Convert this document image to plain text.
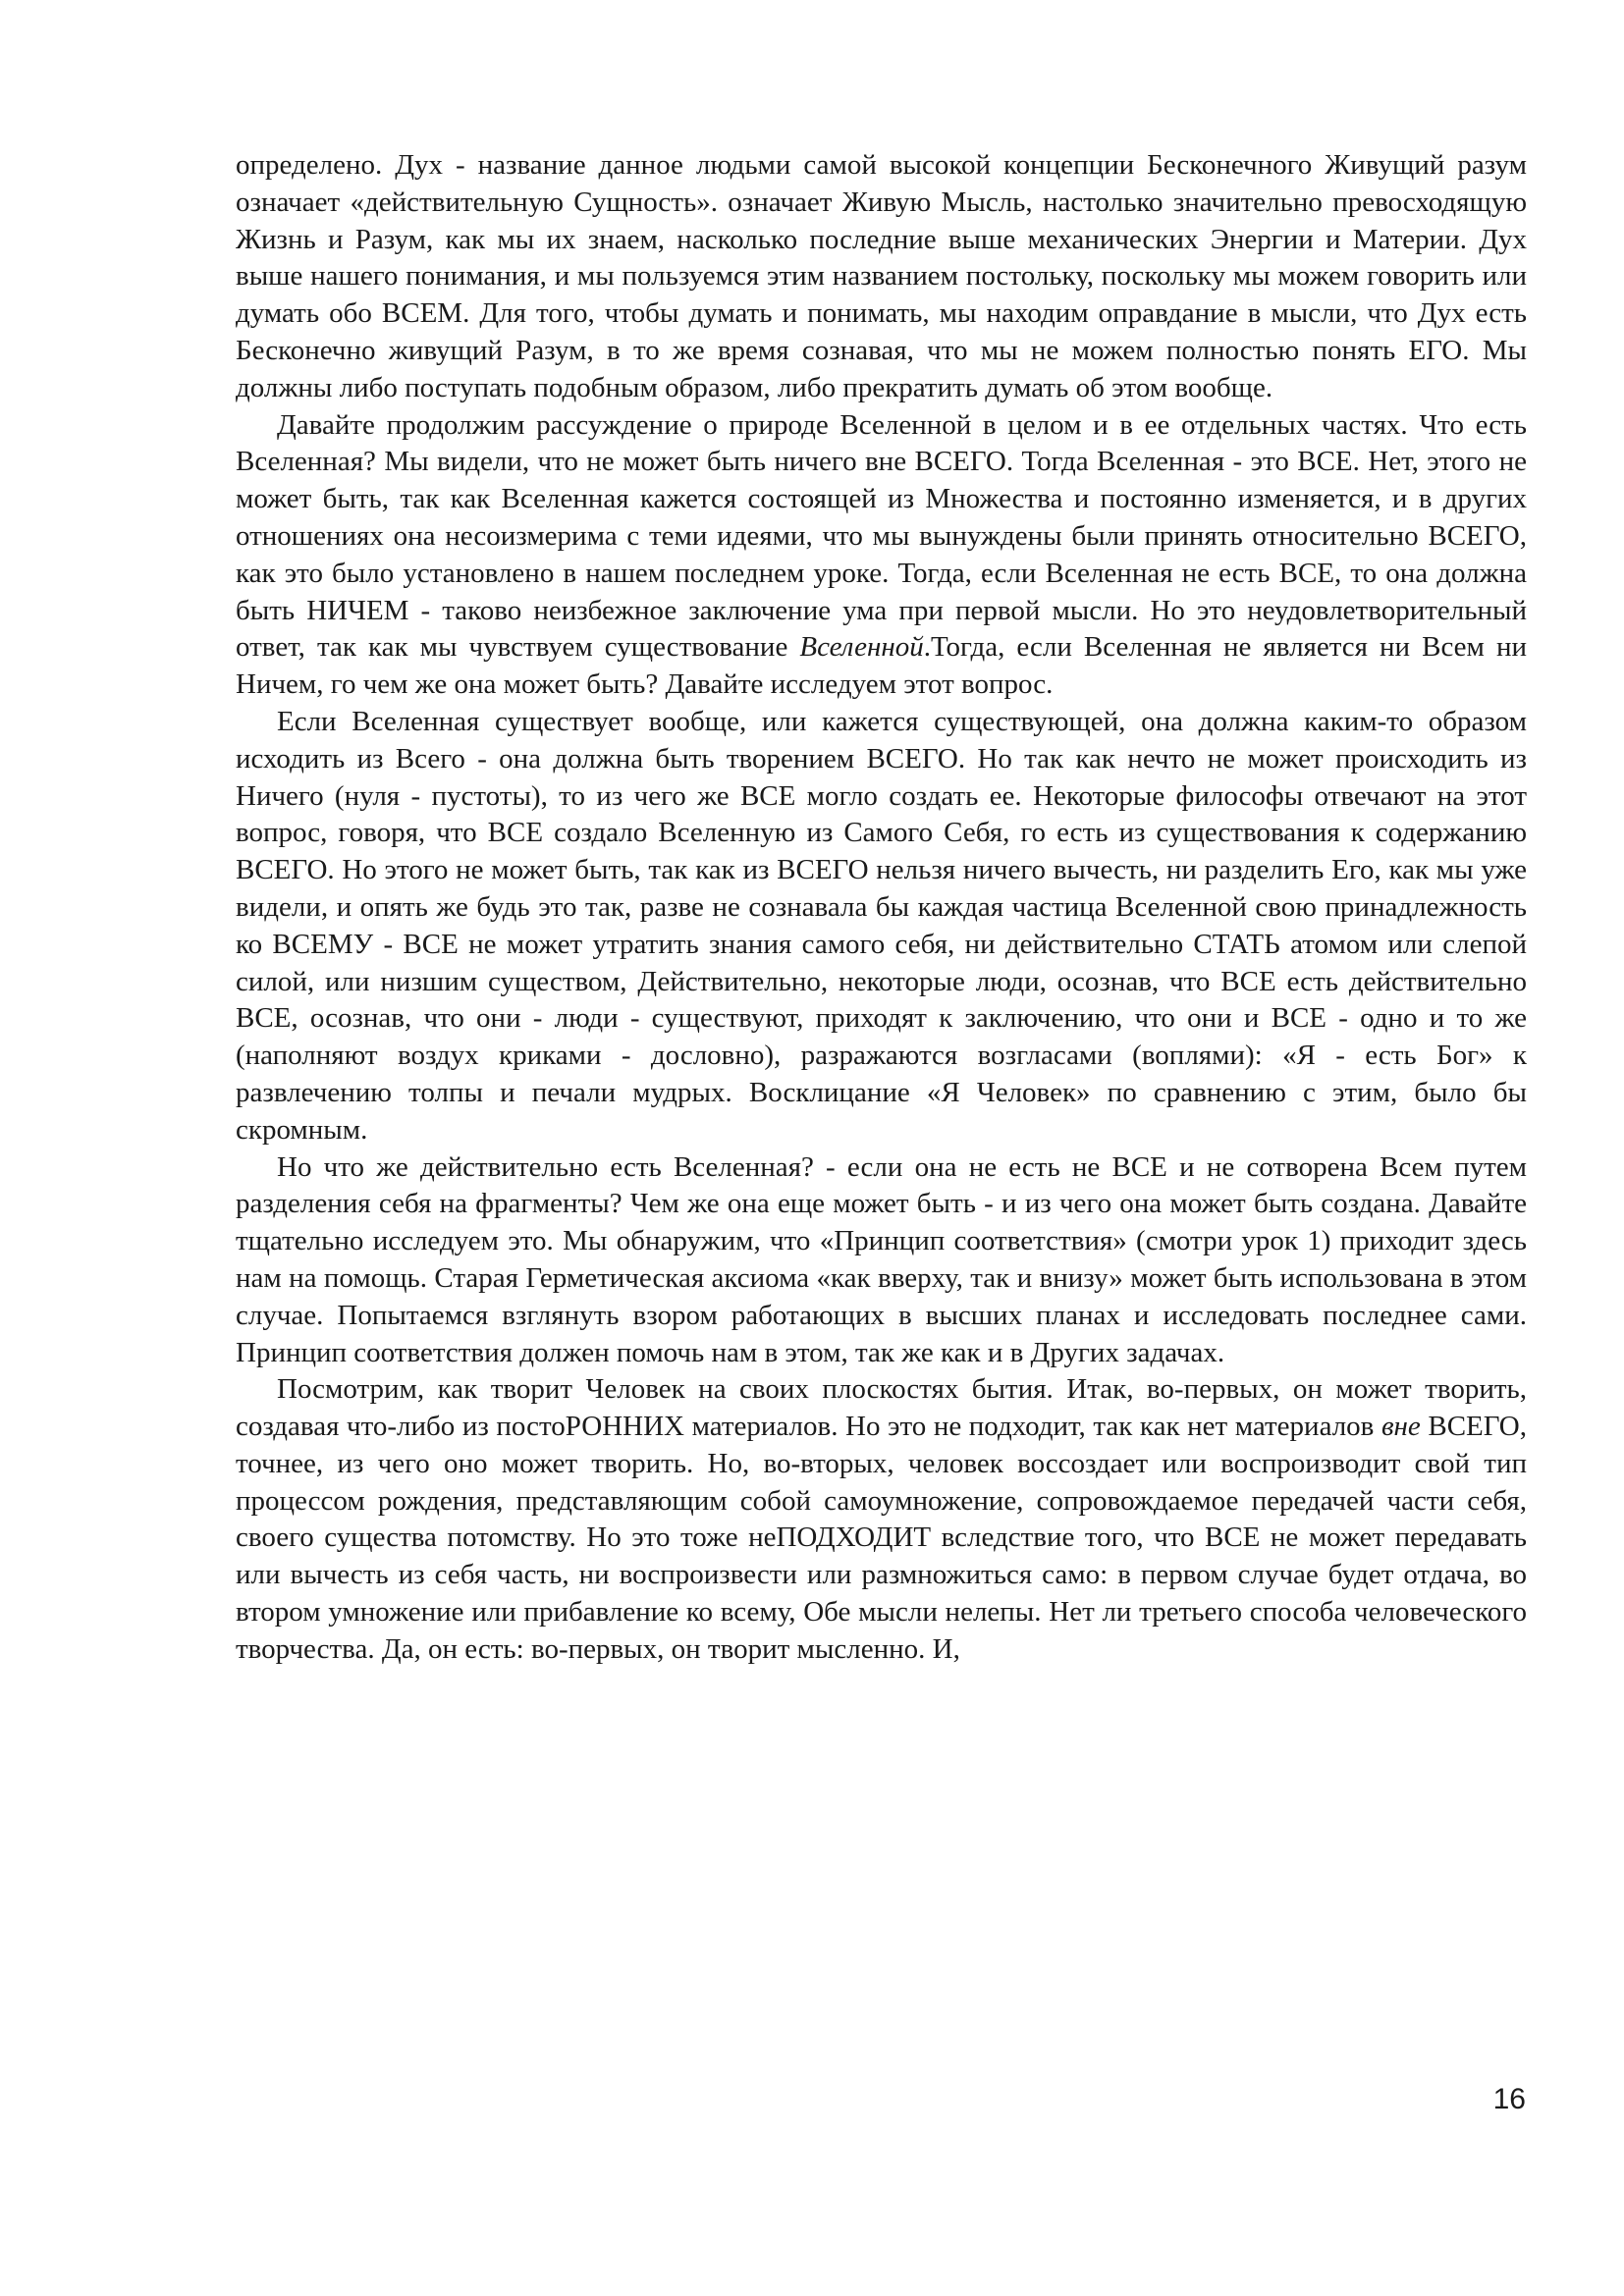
определено. Дух - название данное людьми самой высокой концепции Бесконечного Живущий разум означает «действительную Сущность». означает Живую Мысль, настолько значительно превосходящую Жизнь и Разум, как мы их знаем, насколько последние выше механических Энергии и Материи. Дух выше нашего понимания, и мы пользуемся этим названием постольку, поскольку мы можем говорить или думать обо ВСЕМ. Для того, чтобы думать и понимать, мы находим оправдание в мысли, что Дух есть Бесконечно живущий Разум, в то же время сознавая, что мы не можем полностью понять ЕГО. Мы должны либо поступать подобным образом, либо прекратить думать об этом вообще.

Давайте продолжим рассуждение о природе Вселенной в целом и в ее отдельных частях. Что есть Вселенная? Мы видели, что не может быть ничего вне ВСЕГО. Тогда Вселенная - это ВСЕ. Нет, этого не может быть, так как Вселенная кажется состоящей из Множества и постоянно изменяется, и в других отношениях она несоизмерима с теми идеями, что мы вынуждены были принять относительно ВСЕГО, как это было установлено в нашем последнем уроке. Тогда, если Вселенная не есть ВСЕ, то она должна быть НИЧЕМ - таково неизбежное заключение ума при первой мысли. Но это неудовлетворительный ответ, так как мы чувствуем существование Вселенной.Тогда, если Вселенная не является ни Всем ни Ничем, го чем же она может быть? Давайте исследуем этот вопрос.

Если Вселенная существует вообще, или кажется существующей, она должна каким-то образом исходить из Всего - она должна быть творением ВСЕГО. Но так как нечто не может происходить из Ничего (нуля - пустоты), то из чего же ВСЕ могло создать ее. Некоторые философы отвечают на этот вопрос, говоря, что ВСЕ создало Вселенную из Самого Себя, го есть из существования к содержанию ВСЕГО. Но этого не может быть, так как из ВСЕГО нельзя ничего вычесть, ни разделить Его, как мы уже видели, и опять же будь это так, разве не сознавала бы каждая частица Вселенной свою принадлежность ко ВСЕМУ - ВСЕ не может утратить знания самого себя, ни действительно СТАТЬ атомом или слепой силой, или низшим существом, Действительно, некоторые люди, осознав, что ВСЕ есть действительно ВСЕ, осознав, что они - люди - существуют, приходят к заключению, что они и ВСЕ - одно и то же (наполняют воздух криками - дословно), разражаются возгласами (воплями): «Я - есть Бог» к развлечению толпы и печали мудрых. Восклицание «Я Человек» по сравнению с этим, было бы скромным.

Но что же действительно есть Вселенная? - если она не есть не ВСЕ и не сотворена Всем путем разделения себя на фрагменты? Чем же она еще может быть - и из чего она может быть создана. Давайте тщательно исследуем это. Мы обнаружим, что «Принцип соответствия» (смотри урок 1) приходит здесь нам на помощь. Старая Герметическая аксиома «как вверху, так и внизу» может быть использована в этом случае. Попытаемся взглянуть взором работающих в высших планах и исследовать последнее сами. Принцип соответствия должен помочь нам в этом, так же как и в Других задачах.

Посмотрим, как творит Человек на своих плоскостях бытия. Итак, во-первых, он может творить, создавая что-либо из постоРОННИХ материалов. Но это не подходит, так как нет материалов вне ВСЕГО, точнее, из чего оно может творить. Но, во-вторых, человек воссоздает или воспроизводит свой тип процессом рождения, представляющим собой самоумножение, сопровождаемое передачей части себя, своего существа потомству. Но это тоже неПОДХОДИТ вследствие того, что ВСЕ не может передавать или вычесть из себя часть, ни воспроизвести или размножиться само: в первом случае будет отдача, во втором умножение или прибавление ко всему, Обе мысли нелепы. Нет ли третьего способа человеческого творчества. Да, он есть: во-первых, он творит мысленно. И,

16
